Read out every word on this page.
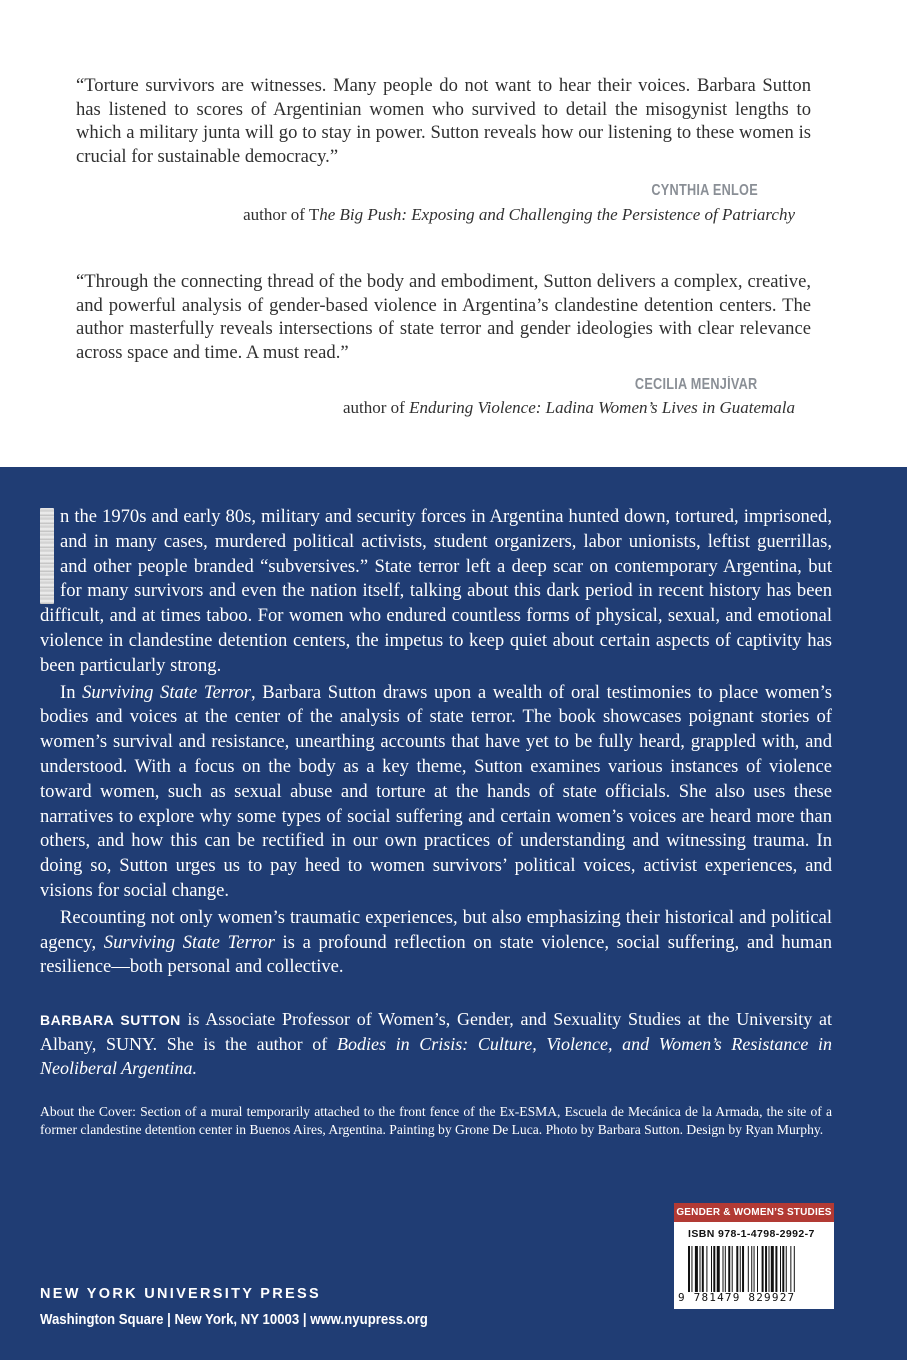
“Torture survivors are witnesses. Many people do not want to hear their voices. Barbara Sutton has listened to scores of Argentinian women who survived to detail the misogynist lengths to which a military junta will go to stay in power. Sutton reveals how our listening to these women is crucial for sustainable democracy.”

CYNTHIA ENLOE
author of The Big Push: Exposing and Challenging the Persistence of Patriarchy

“Through the connecting thread of the body and embodiment, Sutton delivers a complex, creative, and powerful analysis of gender-based violence in Argentina’s clandestine detention centers. The author masterfully reveals intersections of state terror and gender ideologies with clear relevance across space and time. A must read.”

CECILIA MENJÍVAR
author of Enduring Violence: Ladina Women’s Lives in Guatemala

n the 1970s and early 80s, military and security forces in Argentina hunted down, tortured, imprisoned, and in many cases, murdered political activists, student organizers, labor unionists, leftist guerrillas, and other people branded “subversives.” State terror left a deep scar on contemporary Argentina, but for many survivors and even the nation itself, talking about this dark period in recent history has been difficult, and at times taboo. For women who endured countless forms of physical, sexual, and emotional violence in clandestine detention centers, the impetus to keep quiet about certain aspects of captivity has been particularly strong.

In Surviving State Terror, Barbara Sutton draws upon a wealth of oral testimonies to place women’s bodies and voices at the center of the analysis of state terror. The book showcases poignant stories of women’s survival and resistance, unearthing accounts that have yet to be fully heard, grappled with, and understood. With a focus on the body as a key theme, Sutton examines various instances of violence toward women, such as sexual abuse and torture at the hands of state officials. She also uses these narratives to explore why some types of social suffering and certain women’s voices are heard more than others, and how this can be rectified in our own practices of understanding and witnessing trauma. In doing so, Sutton urges us to pay heed to women survivors’ political voices, activist experiences, and visions for social change.

Recounting not only women’s traumatic experiences, but also emphasizing their historical and political agency, Surviving State Terror is a profound reflection on state violence, social suffering, and human resilience—both personal and collective.

BARBARA SUTTON is Associate Professor of Women’s, Gender, and Sexuality Studies at the University at Albany, SUNY. She is the author of Bodies in Crisis: Culture, Violence, and Women’s Resistance in Neoliberal Argentina.
About the Cover: Section of a mural temporarily attached to the front fence of the Ex-ESMA, Escuela de Mecánica de la Armada, the site of a former clandestine detention center in Buenos Aires, Argentina. Painting by Grone De Luca. Photo by Barbara Sutton. Design by Ryan Murphy.
NEW YORK UNIVERSITY PRESS
Washington Square | New York, NY 10003 | www.nyupress.org
GENDER & WOMEN’S STUDIES
ISBN 978-1-4798-2992-7
9 781479 829927
